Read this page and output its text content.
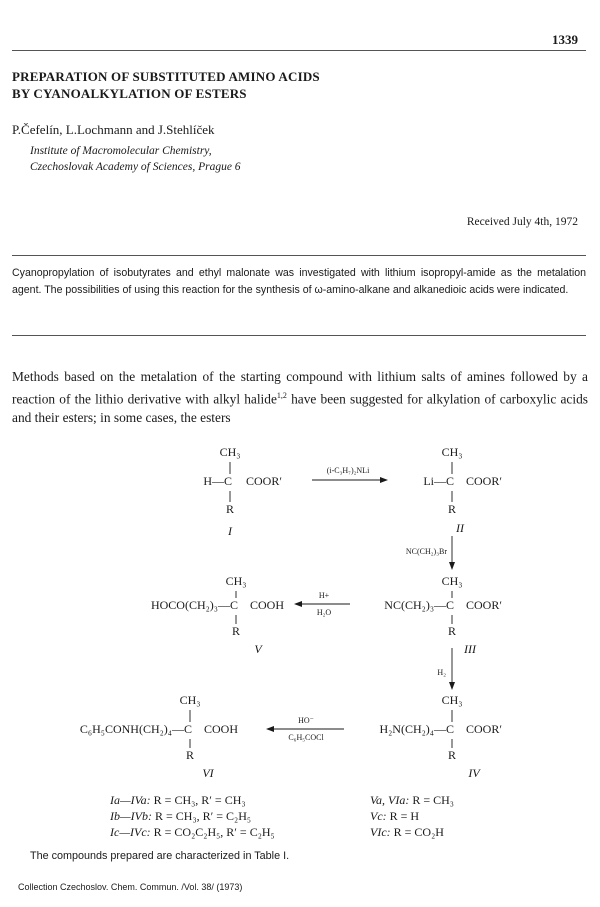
1339
PREPARATION OF SUBSTITUTED AMINO ACIDS
BY CYANOALKYLATION OF ESTERS
P.Čefelín, L.Lochmann and J.Stehlíček
Institute of Macromolecular Chemistry,
Czechoslovak Academy of Sciences, Prague 6
Received July 4th, 1972
Cyanopropylation of isobutyrates and ethyl malonate was investigated with lithium isopropyl-amide as the metalation agent. The possibilities of using this reaction for the synthesis of ω-amino-alkane and alkanedioic acids were indicated.
Methods based on the metalation of the starting compound with lithium salts of amines followed by a reaction of the lithio derivative with alkyl halide$^{1,2}$ have been suggested for alkylation of carboxylic acids and their esters; in some cases, the esters
CH₃
H—C COOR′
R
I
(i-C₃H₇)₂NLi
CH₃
Li—C COOR′
R
II
NC(CH₂)₃Br
CH₃
NC(CH₂)₃—C COOR′
R
III
H+
H₂O
CH₃
HOCO(CH₂)₃—C COOH
R
V
H₂
CH₃
H₂N(CH₂)₄—C COOR′
R
IV
HO⁻
C₆H₅COCl
CH₃
C₆H₅CONH(CH₂)₄—C COOH
R
VI
Ia—IVa: R = CH₃, R′ = CH₃
Ib—IVb: R = CH₃, R′ = C₂H₅
Ic—IVc: R = CO₂C₂H₅, R′ = C₂H₅
Va, VIa: R = CH₃
Vc: R = H
VIc: R = CO₂H
The compounds prepared are characterized in Table I.
Collection Czechoslov. Chem. Commun. /Vol. 38/ (1973)
